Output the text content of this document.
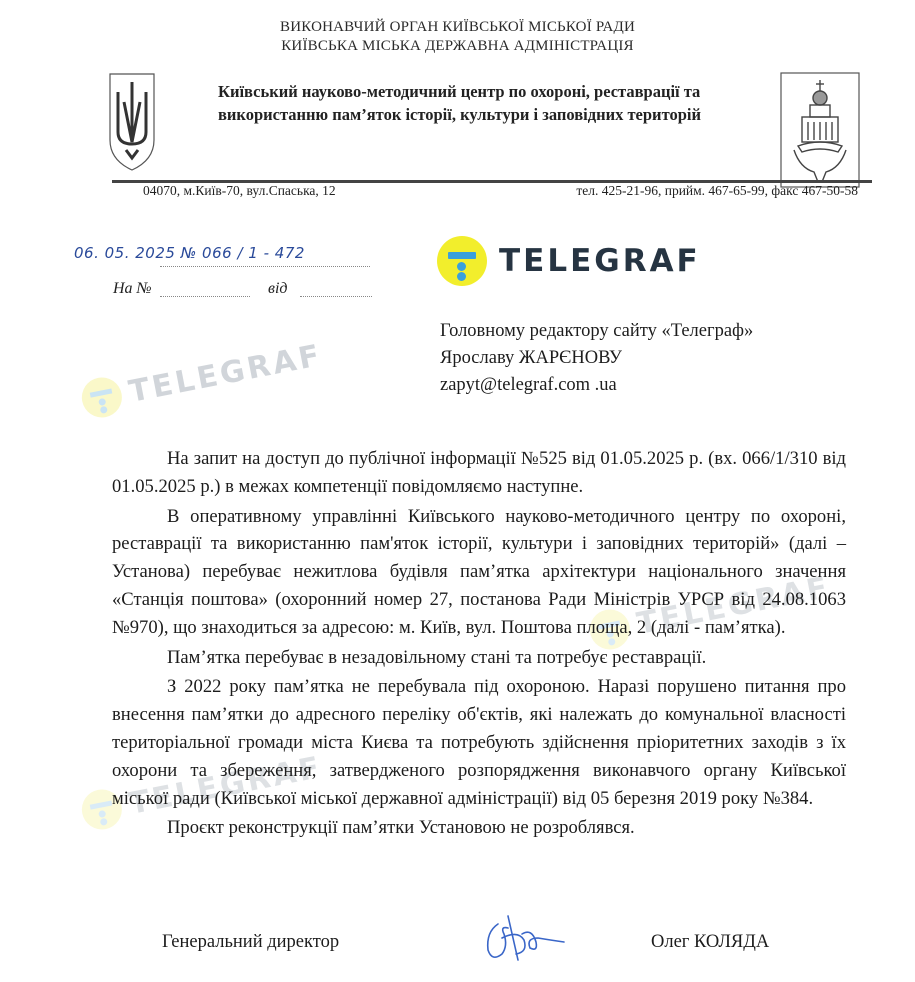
ВИКОНАВЧИЙ ОРГАН КИЇВСЬКОЇ МІСЬКОЇ РАДИ
КИЇВСЬКА МІСЬКА ДЕРЖАВНА АДМІНІСТРАЦІЯ
Київський науково-методичний центр по охороні, реставрації та
використанню пам’яток історії, культури і заповідних територій
04070, м.Київ-70, вул.Спаська, 12	тел. 425-21-96, прийм. 467-65-99, факс 467-50-58
06. 05. 2025 № 066 / 1 - 472
На №	від
TELEGRAF
Головному редактору сайту «Телеграф»
Ярославу ЖАРЄНОВУ
zapyt@telegraf.com .ua
TELEGRAF
TELEGRAF
TELEGRAF

На запит на доступ до публічної інформації №525 від 01.05.2025 р. (вх. 066/1/310 від 01.05.2025 р.) в межах компетенції повідомляємо наступне.

В оперативному управлінні Київського науково-методичного центру по охороні, реставрації та використанню пам'яток історії, культури і заповідних територій» (далі – Установа) перебуває нежитлова будівля пам’ятка архітектури національного значення «Станція поштова» (охоронний номер 27, постанова Ради Міністрів УРСР від 24.08.1063 №970), що знаходиться за адресою: м. Київ, вул. Поштова площа, 2 (далі - пам’ятка).

Пам’ятка перебуває в незадовільному стані та потребує реставрації.

З 2022 року пам’ятка не перебувала під охороною. Наразі порушено питання про внесення пам’ятки до адресного переліку об'єктів, які належать до комунальної власності територіальної громади міста Києва та потребують здійснення пріоритетних заходів з їх охорони та збереження, затвердженого розпорядження виконавчого органу Київської міської ради (Київської міської державної адміністрації) від 05 березня 2019 року №384.

Проєкт реконструкції пам’ятки Установою не розроблявся.

Генеральний директор	Олег КОЛЯДА
